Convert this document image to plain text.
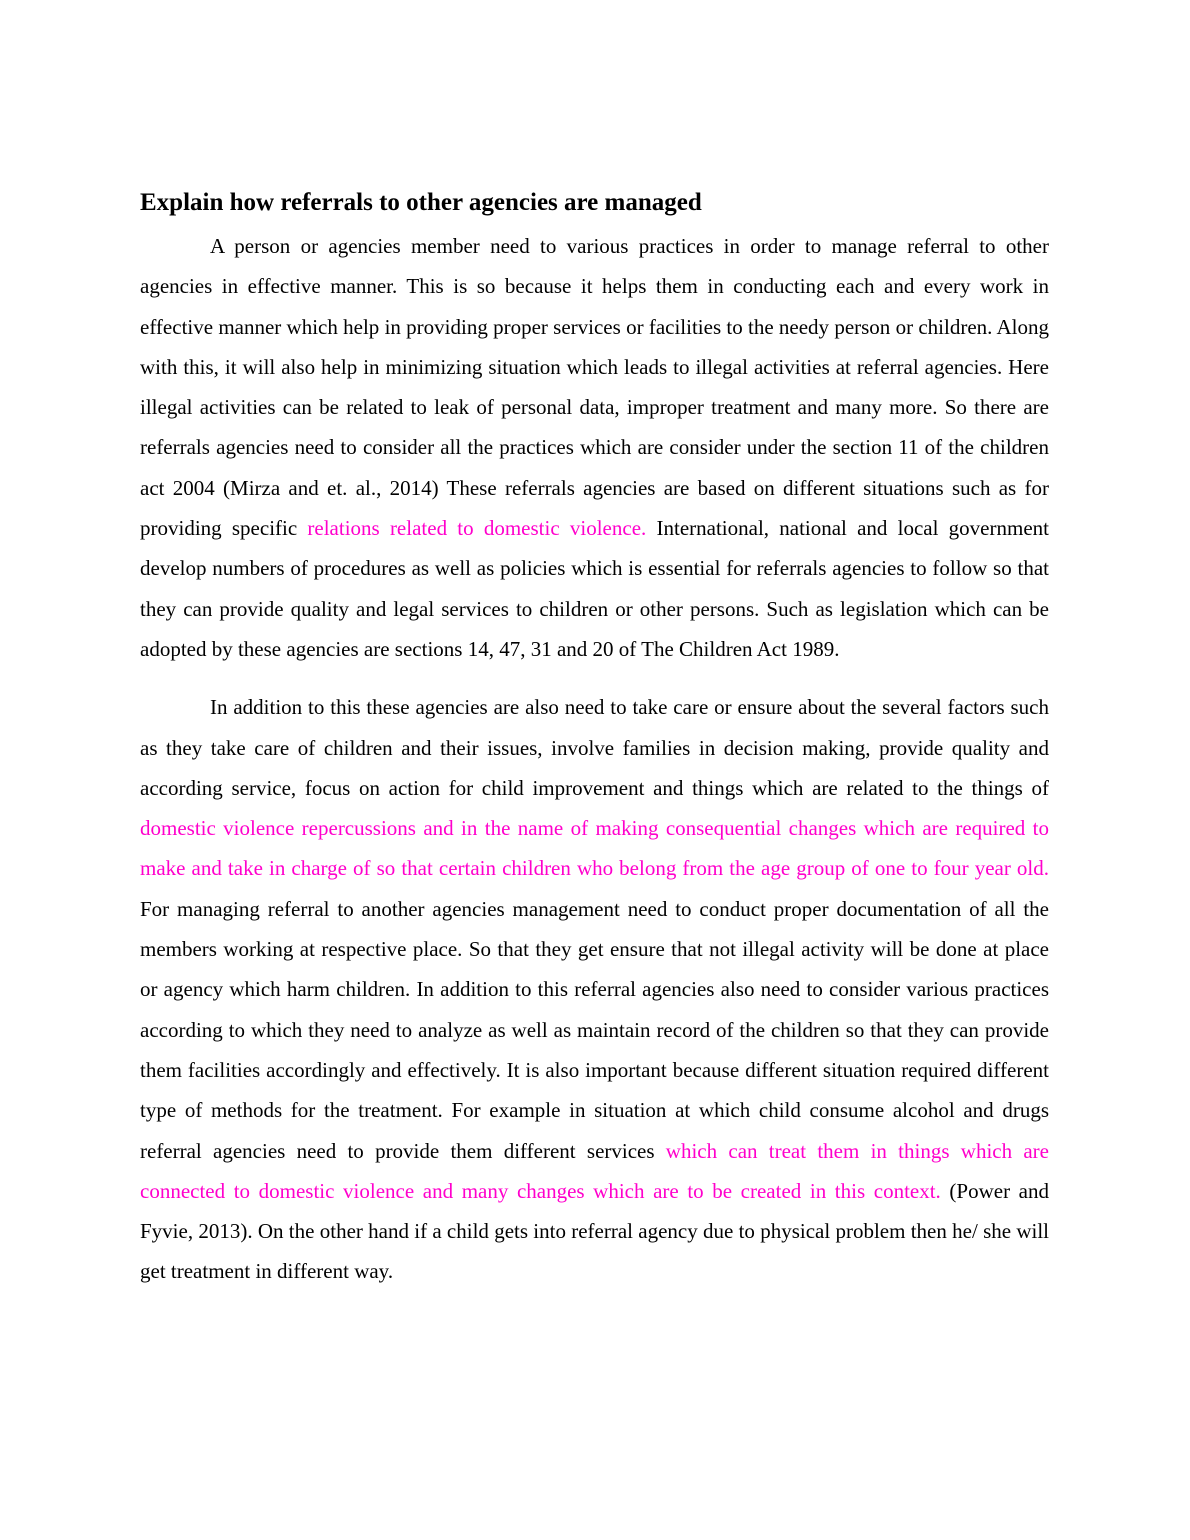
Explain how referrals to other agencies are managed

A person or agencies member need to various practices in order to manage referral to other agencies in effective manner. This is so because it helps them in conducting each and every work in effective manner which help in providing proper services or facilities to the needy person or children. Along with this, it will also help in minimizing situation which leads to illegal activities at referral agencies. Here illegal activities can be related to leak of personal data, improper treatment and many more. So there are referrals agencies need to consider all the practices which are consider under the section 11 of the children act 2004 (Mirza and et. al., 2014) These referrals agencies are based on different situations such as for providing specific relations related to domestic violence. International, national and local government develop numbers of procedures as well as policies which is essential for referrals agencies to follow so that they can provide quality and legal services to children or other persons. Such as legislation which can be adopted by these agencies are sections 14, 47, 31 and 20 of The Children Act 1989.

In addition to this these agencies are also need to take care or ensure about the several factors such as they take care of children and their issues, involve families in decision making, provide quality and according service, focus on action for child improvement and things which are related to the things of domestic violence repercussions and in the name of making consequential changes which are required to make and take in charge of so that certain children who belong from the age group of one to four year old. For managing referral to another agencies management need to conduct proper documentation of all the members working at respective place. So that they get ensure that not illegal activity will be done at place or agency which harm children. In addition to this referral agencies also need to consider various practices according to which they need to analyze as well as maintain record of the children so that they can provide them facilities accordingly and effectively. It is also important because different situation required different type of methods for the treatment. For example in situation at which child consume alcohol and drugs referral agencies need to provide them different services which can treat them in things which are connected to domestic violence and many changes which are to be created in this context. (Power and Fyvie, 2013). On the other hand if a child gets into referral agency due to physical problem then he/ she will get treatment in different way.
